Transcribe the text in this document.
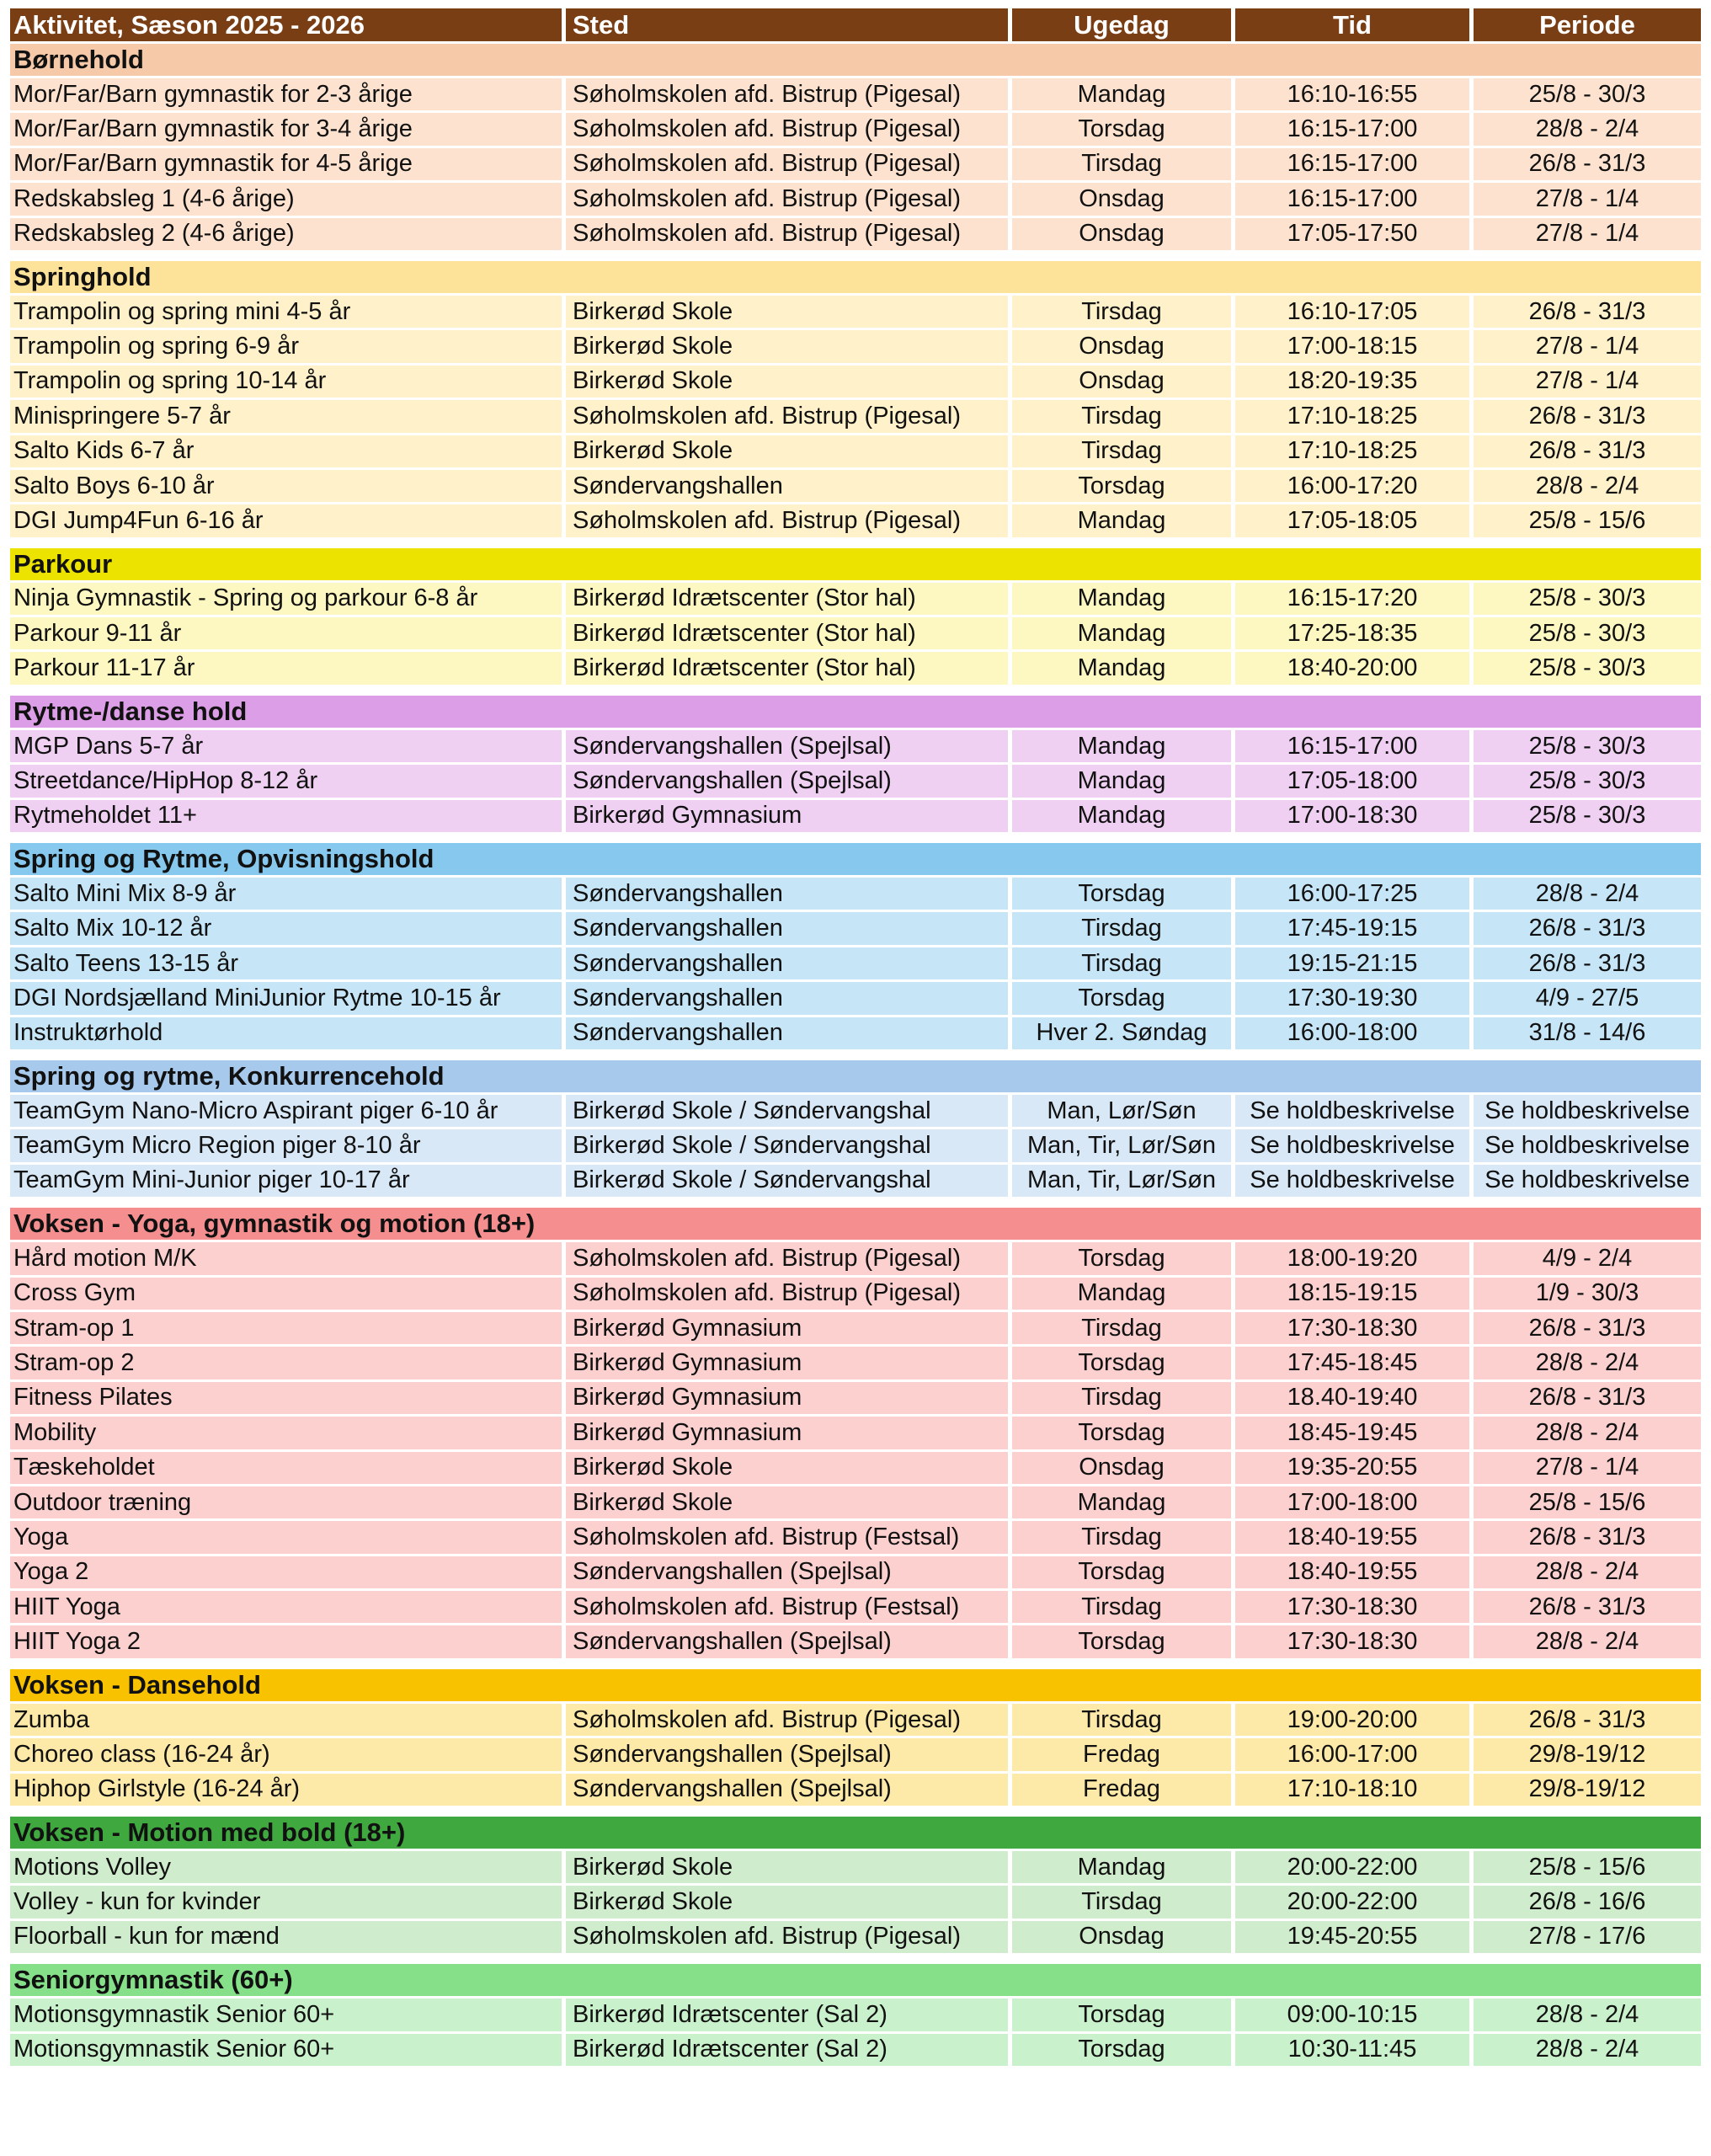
Aktivitet, Sæson 2025 - 2026	Sted	Ugedag	Tid	Periode
Børnehold
Mor/Far/Barn gymnastik for 2-3 årige	Søholmskolen afd. Bistrup (Pigesal)	Mandag	16:10-16:55	25/8 - 30/3
Mor/Far/Barn gymnastik for 3-4 årige	Søholmskolen afd. Bistrup (Pigesal)	Torsdag	16:15-17:00	28/8 - 2/4
Mor/Far/Barn gymnastik for 4-5 årige	Søholmskolen afd. Bistrup (Pigesal)	Tirsdag	16:15-17:00	26/8 - 31/3
Redskabsleg 1 (4-6 årige)	Søholmskolen afd. Bistrup (Pigesal)	Onsdag	16:15-17:00	27/8 - 1/4
Redskabsleg 2 (4-6 årige)	Søholmskolen afd. Bistrup (Pigesal)	Onsdag	17:05-17:50	27/8 - 1/4
Springhold
Trampolin og spring mini 4-5 år	Birkerød Skole	Tirsdag	16:10-17:05	26/8 - 31/3
Trampolin og spring 6-9 år	Birkerød Skole	Onsdag	17:00-18:15	27/8 - 1/4
Trampolin og spring 10-14 år	Birkerød Skole	Onsdag	18:20-19:35	27/8 - 1/4
Minispringere 5-7 år	Søholmskolen afd. Bistrup (Pigesal)	Tirsdag	17:10-18:25	26/8 - 31/3
Salto Kids 6-7 år	Birkerød Skole	Tirsdag	17:10-18:25	26/8 - 31/3
Salto Boys 6-10 år	Søndervangshallen	Torsdag	16:00-17:20	28/8 - 2/4
DGI Jump4Fun 6-16 år	Søholmskolen afd. Bistrup (Pigesal)	Mandag	17:05-18:05	25/8 - 15/6
Parkour
Ninja Gymnastik - Spring og parkour 6-8 år	Birkerød Idrætscenter (Stor hal)	Mandag	16:15-17:20	25/8 - 30/3
Parkour 9-11 år	Birkerød Idrætscenter (Stor hal)	Mandag	17:25-18:35	25/8 - 30/3
Parkour 11-17 år	Birkerød Idrætscenter (Stor hal)	Mandag	18:40-20:00	25/8 - 30/3
Rytme-/danse hold
MGP Dans 5-7 år	Søndervangshallen (Spejlsal)	Mandag	16:15-17:00	25/8 - 30/3
Streetdance/HipHop 8-12 år	Søndervangshallen (Spejlsal)	Mandag	17:05-18:00	25/8 - 30/3
Rytmeholdet 11+	Birkerød Gymnasium	Mandag	17:00-18:30	25/8 - 30/3
Spring og Rytme, Opvisningshold
Salto Mini Mix 8-9 år	Søndervangshallen	Torsdag	16:00-17:25	28/8 - 2/4
Salto Mix 10-12 år	Søndervangshallen	Tirsdag	17:45-19:15	26/8 - 31/3
Salto Teens 13-15 år	Søndervangshallen	Tirsdag	19:15-21:15	26/8 - 31/3
DGI Nordsjælland MiniJunior Rytme 10-15 år	Søndervangshallen	Torsdag	17:30-19:30	4/9 - 27/5
Instruktørhold	Søndervangshallen	Hver 2. Søndag	16:00-18:00	31/8 - 14/6
Spring og rytme, Konkurrencehold
TeamGym Nano-Micro Aspirant piger 6-10 år	Birkerød Skole / Søndervangshal	Man, Lør/Søn	Se holdbeskrivelse	Se holdbeskrivelse
TeamGym Micro Region piger 8-10 år	Birkerød Skole / Søndervangshal	Man, Tir, Lør/Søn	Se holdbeskrivelse	Se holdbeskrivelse
TeamGym Mini-Junior piger 10-17 år	Birkerød Skole / Søndervangshal	Man, Tir, Lør/Søn	Se holdbeskrivelse	Se holdbeskrivelse
Voksen - Yoga, gymnastik og motion (18+)
Hård motion M/K	Søholmskolen afd. Bistrup (Pigesal)	Torsdag	18:00-19:20	4/9 - 2/4
Cross Gym	Søholmskolen afd. Bistrup (Pigesal)	Mandag	18:15-19:15	1/9 - 30/3
Stram-op 1	Birkerød Gymnasium	Tirsdag	17:30-18:30	26/8 - 31/3
Stram-op 2	Birkerød Gymnasium	Torsdag	17:45-18:45	28/8 - 2/4
Fitness Pilates	Birkerød Gymnasium	Tirsdag	18.40-19:40	26/8 - 31/3
Mobility	Birkerød Gymnasium	Torsdag	18:45-19:45	28/8 - 2/4
Tæskeholdet	Birkerød Skole	Onsdag	19:35-20:55	27/8 - 1/4
Outdoor træning	Birkerød Skole	Mandag	17:00-18:00	25/8 - 15/6
Yoga	Søholmskolen afd. Bistrup (Festsal)	Tirsdag	18:40-19:55	26/8 - 31/3
Yoga 2	Søndervangshallen (Spejlsal)	Torsdag	18:40-19:55	28/8 - 2/4
HIIT Yoga	Søholmskolen afd. Bistrup (Festsal)	Tirsdag	17:30-18:30	26/8 - 31/3
HIIT Yoga 2	Søndervangshallen (Spejlsal)	Torsdag	17:30-18:30	28/8 - 2/4
Voksen - Dansehold
Zumba	Søholmskolen afd. Bistrup (Pigesal)	Tirsdag	19:00-20:00	26/8 - 31/3
Choreo class (16-24 år)	Søndervangshallen (Spejlsal)	Fredag	16:00-17:00	29/8-19/12
Hiphop Girlstyle (16-24 år)	Søndervangshallen (Spejlsal)	Fredag	17:10-18:10	29/8-19/12
Voksen - Motion med bold (18+)
Motions Volley	Birkerød Skole	Mandag	20:00-22:00	25/8 - 15/6
Volley - kun for kvinder	Birkerød Skole	Tirsdag	20:00-22:00	26/8 - 16/6
Floorball - kun for mænd	Søholmskolen afd. Bistrup (Pigesal)	Onsdag	19:45-20:55	27/8 - 17/6
Seniorgymnastik (60+)
Motionsgymnastik Senior 60+	Birkerød Idrætscenter (Sal 2)	Torsdag	09:00-10:15	28/8 - 2/4
Motionsgymnastik Senior 60+	Birkerød Idrætscenter (Sal 2)	Torsdag	10:30-11:45	28/8 - 2/4
